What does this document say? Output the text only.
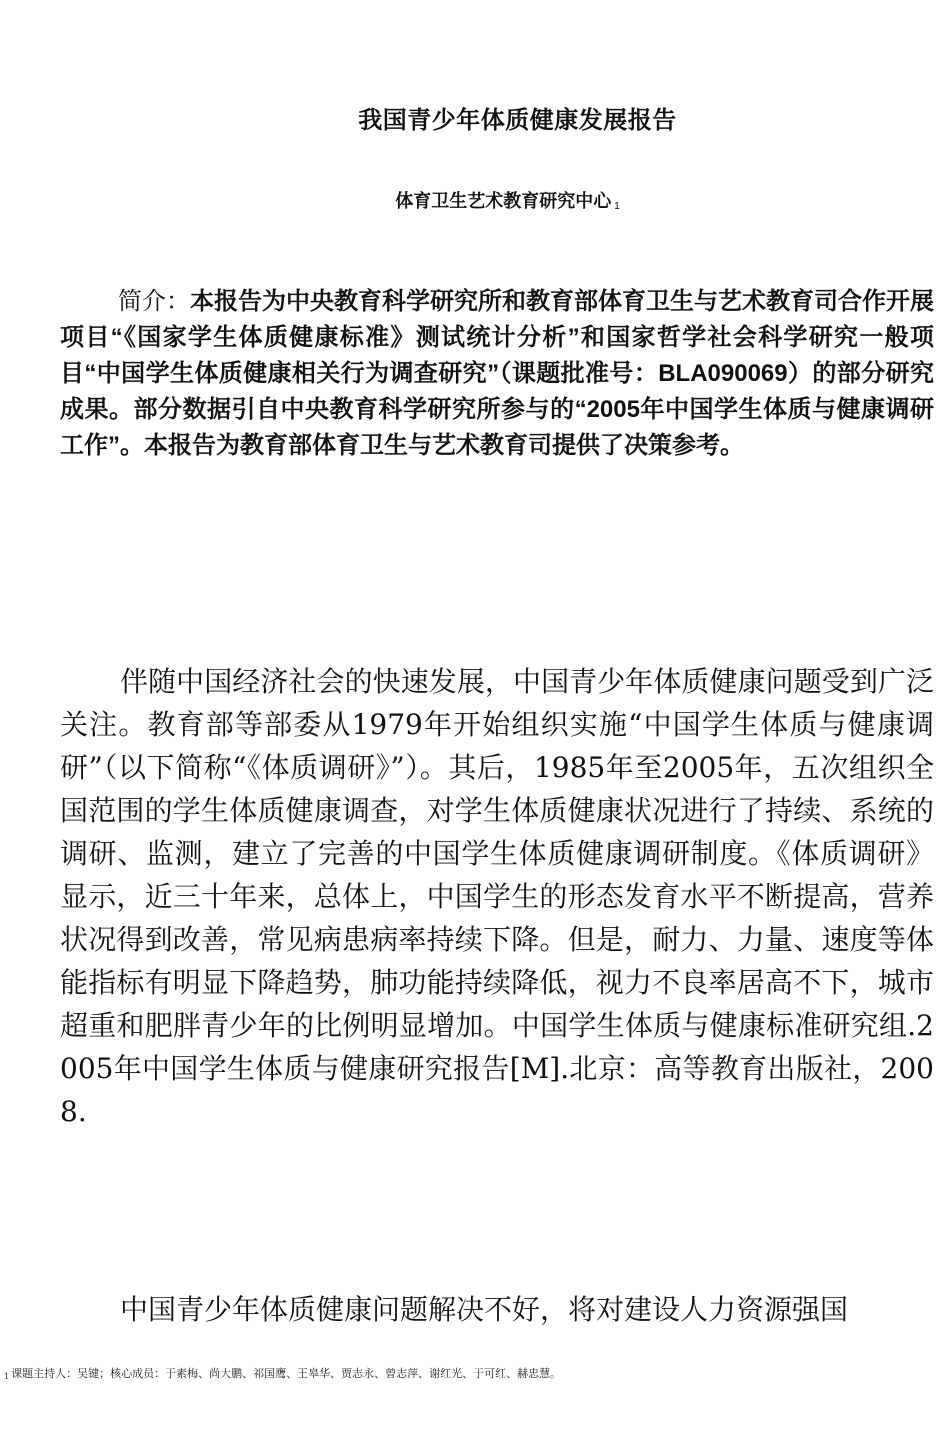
我国青少年体质健康发展报告
体育卫生艺术教育研究中心 1

简介：本报告为中央教育科学研究所和教育部体育卫生与艺术教育司合作开展项目“《国家学生体质健康标准》测试统计分析”和国家哲学社会科学研究一般项目“中国学生体质健康相关行为调查研究”（课题批准号：BLA090069）的部分研究成果。部分数据引自中央教育科学研究所参与的“2005年中国学生体质与健康调研工作”。本报告为教育部体育卫生与艺术教育司提供了决策参考。

伴随中国经济社会的快速发展，中国青少年体质健康问题受到广泛关注。教育部等部委从1979年开始组织实施“中国学生体质与健康调研”（以下简称“《体质调研》”）。其后，1985年至2005年，五次组织全国范围的学生体质健康调查，对学生体质健康状况进行了持续、系统的调研、监测，建立了完善的中国学生体质健康调研制度。《体质调研》显示，近三十年来，总体上，中国学生的形态发育水平不断提高，营养状况得到改善，常见病患病率持续下降。但是，耐力、力量、速度等体能指标有明显下降趋势，肺功能持续降低，视力不良率居高不下，城市超重和肥胖青少年的比例明显增加。中国学生体质与健康标准研究组.2005年中国学生体质与健康研究报告[M].北京：高等教育出版社，2008.

中国青少年体质健康问题解决不好，将对建设人力资源强国

1 课题主持人：吴键；核心成员：于素梅、尚大鹏、祁国鹰、王皋华、贾志永、曾志萍、谢红光、于可红、赫忠慧。
